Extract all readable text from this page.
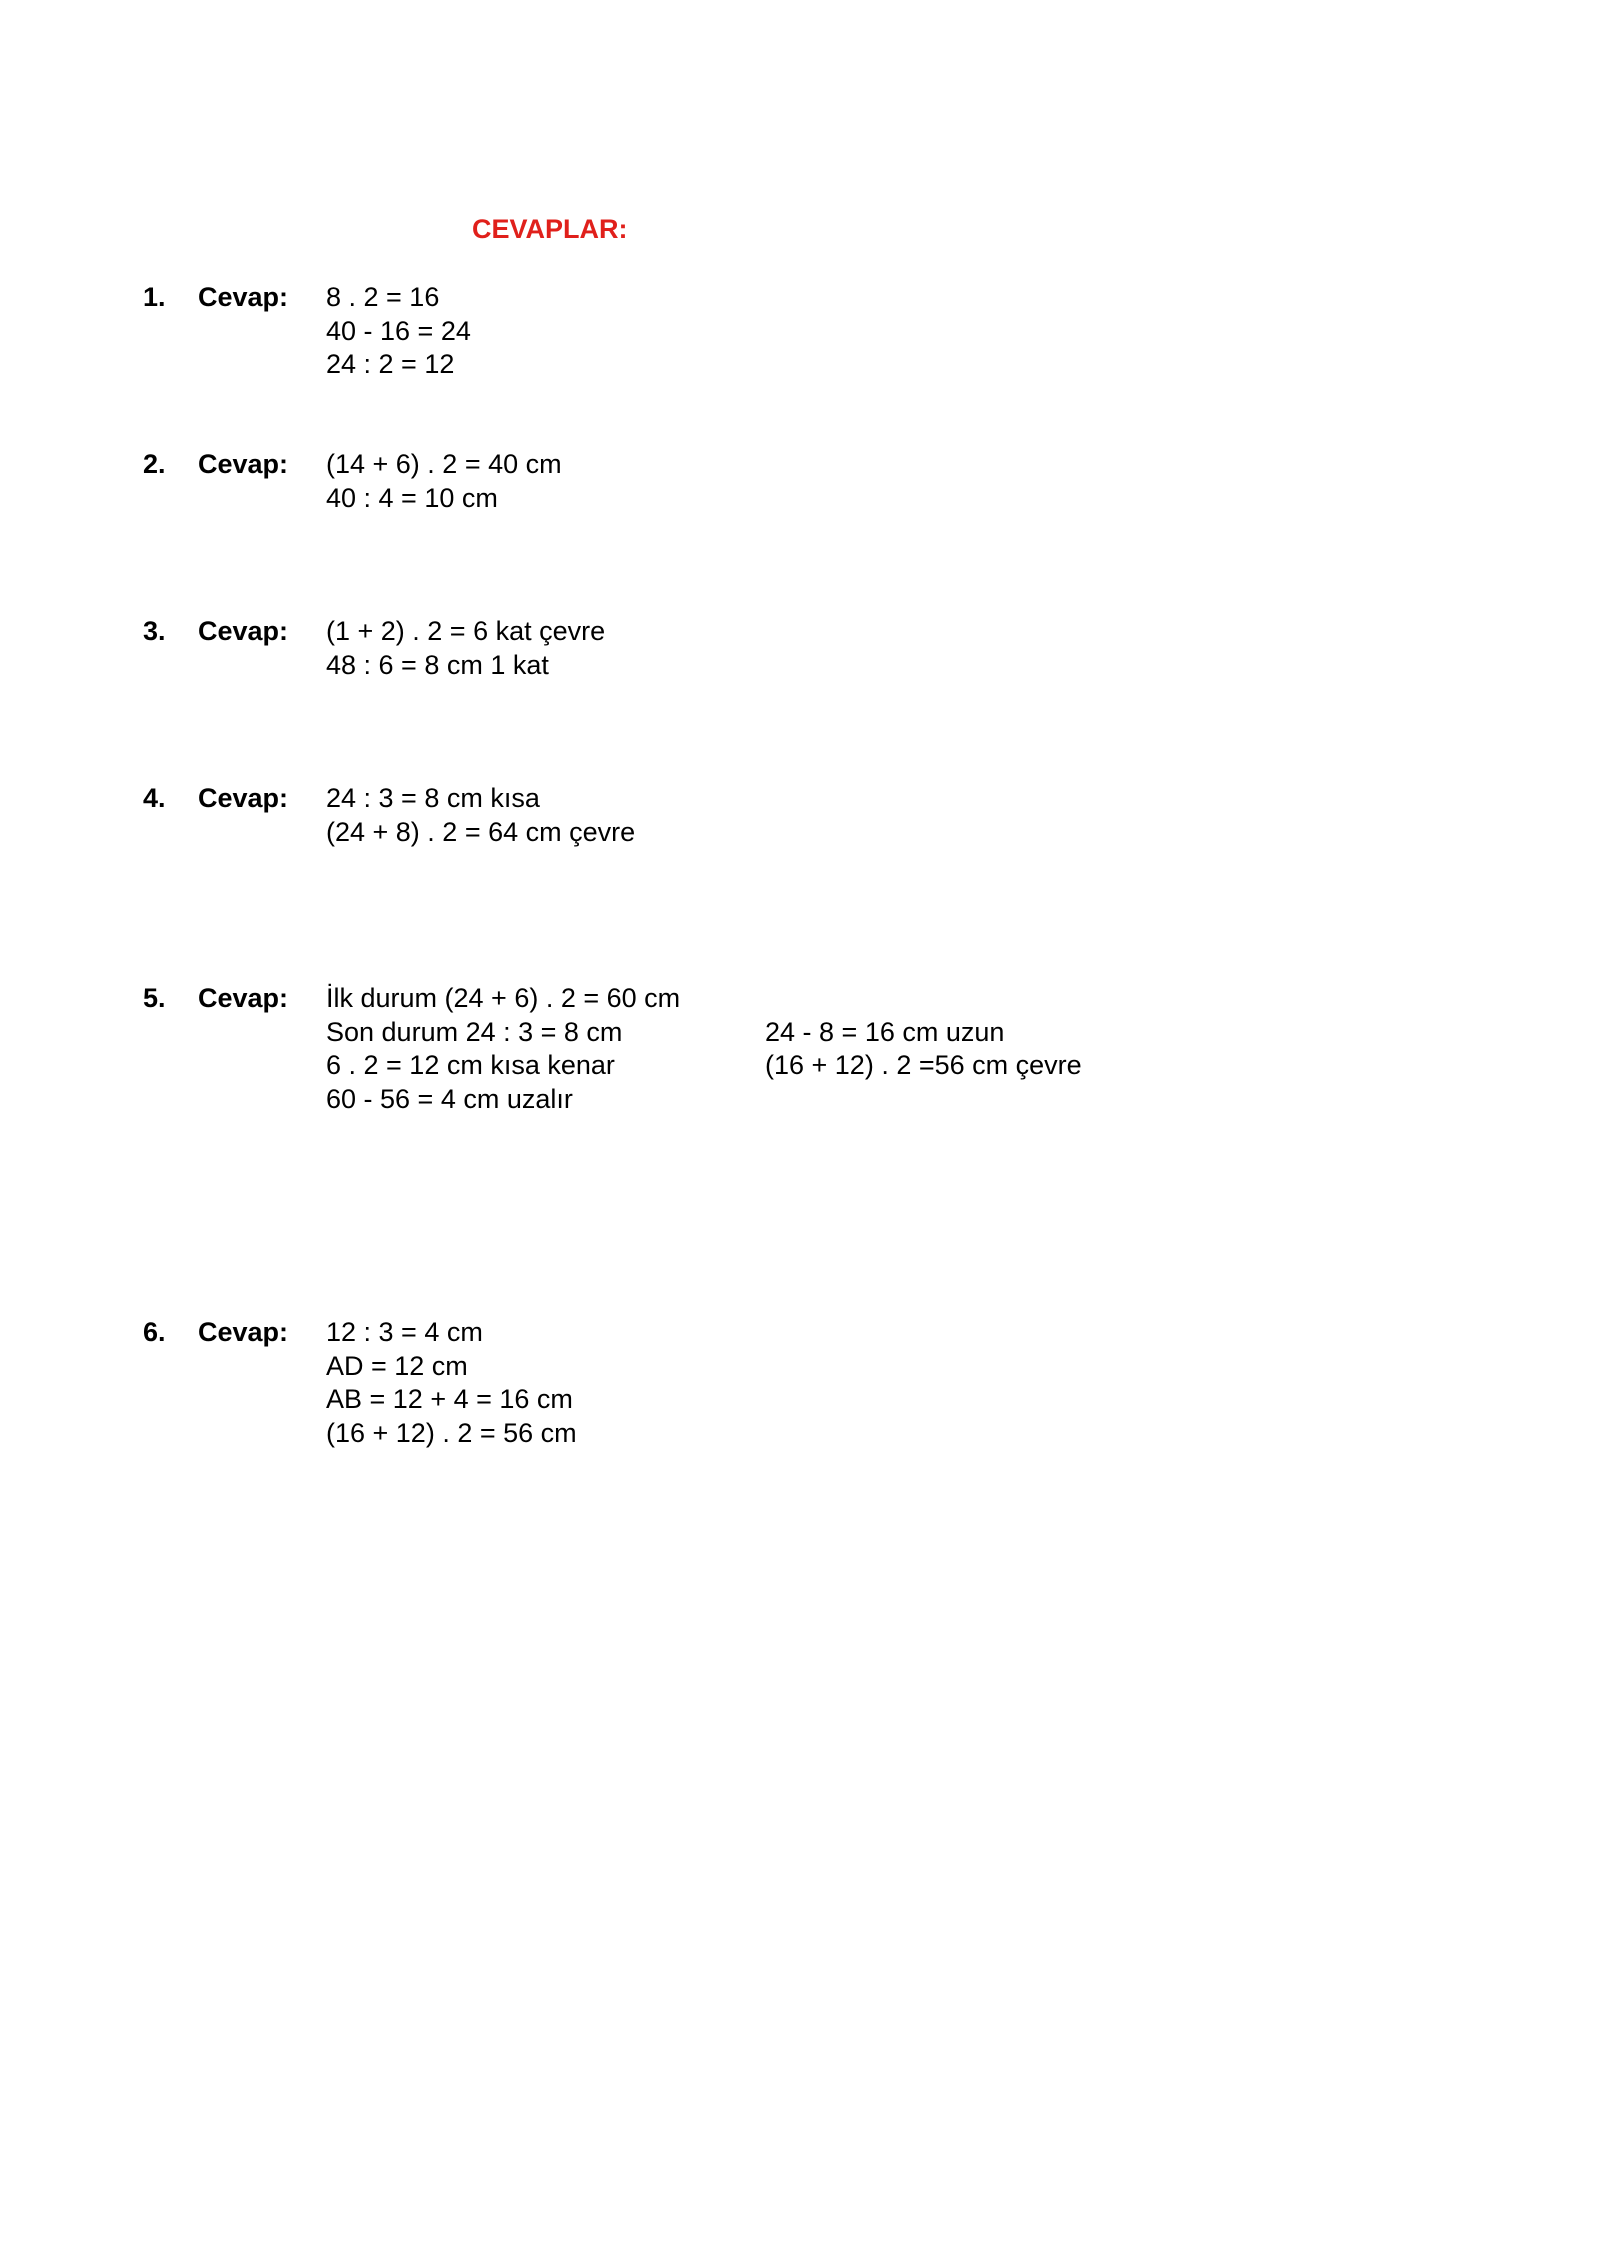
CEVAPLAR:
1. Cevap: 8 . 2 = 16
40 - 16 = 24
24 : 2 = 12
2. Cevap: (14 + 6) . 2 = 40 cm
40 : 4 = 10 cm
3. Cevap: (1 + 2) . 2 = 6 kat çevre
48 : 6 = 8 cm 1 kat
4. Cevap: 24 : 3 = 8 cm kısa
(24 + 8) . 2 = 64 cm çevre
5. Cevap: İlk durum (24 + 6) . 2 = 60 cm
Son durum 24 : 3 = 8 cm
6 . 2 = 12 cm kısa kenar
60 - 56 = 4 cm uzalır
24 - 8 = 16 cm uzun
(16 + 12) . 2 =56 cm çevre
6. Cevap: 12 : 3 = 4 cm
AD = 12 cm
AB = 12 + 4 = 16 cm
(16 + 12) . 2 = 56 cm
